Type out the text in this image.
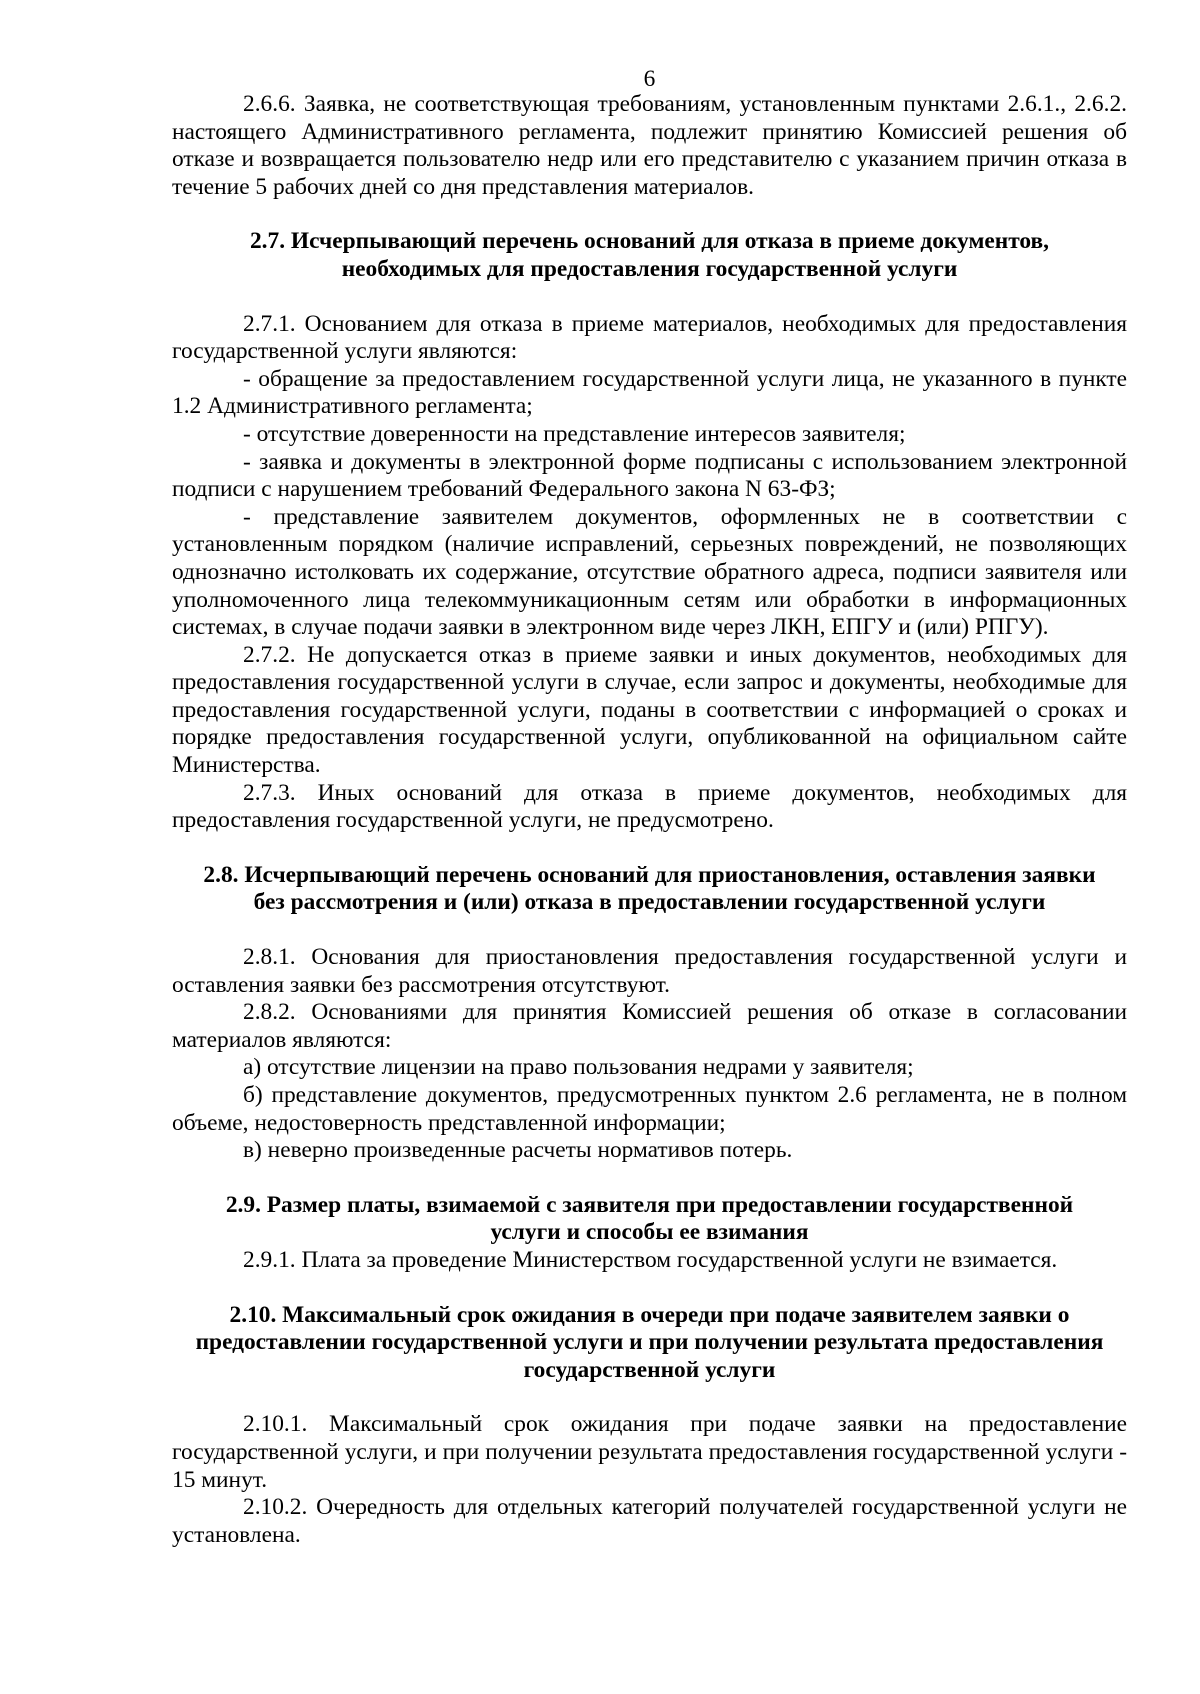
6

2.6.6. Заявка, не соответствующая требованиям, установленным пунктами 2.6.1., 2.6.2. настоящего Административного регламента, подлежит принятию Комиссией решения об отказе и возвращается пользователю недр или его представителю с указанием причин отказа в течение 5 рабочих дней со дня представления материалов.

2.7. Исчерпывающий перечень оснований для отказа в приеме документов,
необходимых для предоставления государственной услуги

2.7.1. Основанием для отказа в приеме материалов, необходимых для предоставления государственной услуги являются:

- обращение за предоставлением государственной услуги лица, не указанного в пункте 1.2 Административного регламента;

- отсутствие доверенности на представление интересов заявителя;

- заявка и документы в электронной форме подписаны с использованием электронной подписи с нарушением требований Федерального закона N 63-ФЗ;

- представление заявителем документов, оформленных не в соответствии с установленным порядком (наличие исправлений, серьезных повреждений, не позволяющих однозначно истолковать их содержание, отсутствие обратного адреса, подписи заявителя или уполномоченного лица телекоммуникационным сетям или обработки в информационных системах, в случае подачи заявки в электронном виде через ЛКН, ЕПГУ и (или) РПГУ).

2.7.2. Не допускается отказ в приеме заявки и иных документов, необходимых для предоставления государственной услуги в случае, если запрос и документы, необходимые для предоставления государственной услуги, поданы в соответствии с информацией о сроках и порядке предоставления государственной услуги, опубликованной на официальном сайте Министерства.

2.7.3. Иных оснований для отказа в приеме документов, необходимых для предоставления государственной услуги, не предусмотрено.

2.8. Исчерпывающий перечень оснований для приостановления, оставления заявки
без рассмотрения и (или) отказа в предоставлении государственной услуги

2.8.1. Основания для приостановления предоставления государственной услуги и оставления заявки без рассмотрения отсутствуют.

2.8.2. Основаниями для принятия Комиссией решения об отказе в согласовании материалов являются:

а) отсутствие лицензии на право пользования недрами у заявителя;

б) представление документов, предусмотренных пунктом 2.6 регламента, не в полном объеме, недостоверность представленной информации;

в) неверно произведенные расчеты нормативов потерь.

2.9. Размер платы, взимаемой с заявителя при предоставлении государственной
услуги и способы ее взимания

2.9.1. Плата за проведение Министерством государственной услуги не взимается.

2.10. Максимальный срок ожидания в очереди при подаче заявителем заявки о
предоставлении государственной услуги и при получении результата предоставления
государственной услуги

2.10.1. Максимальный срок ожидания при подаче заявки на предоставление государственной услуги, и при получении результата предоставления государственной услуги - 15 минут.

2.10.2. Очередность для отдельных категорий получателей государственной услуги не установлена.
